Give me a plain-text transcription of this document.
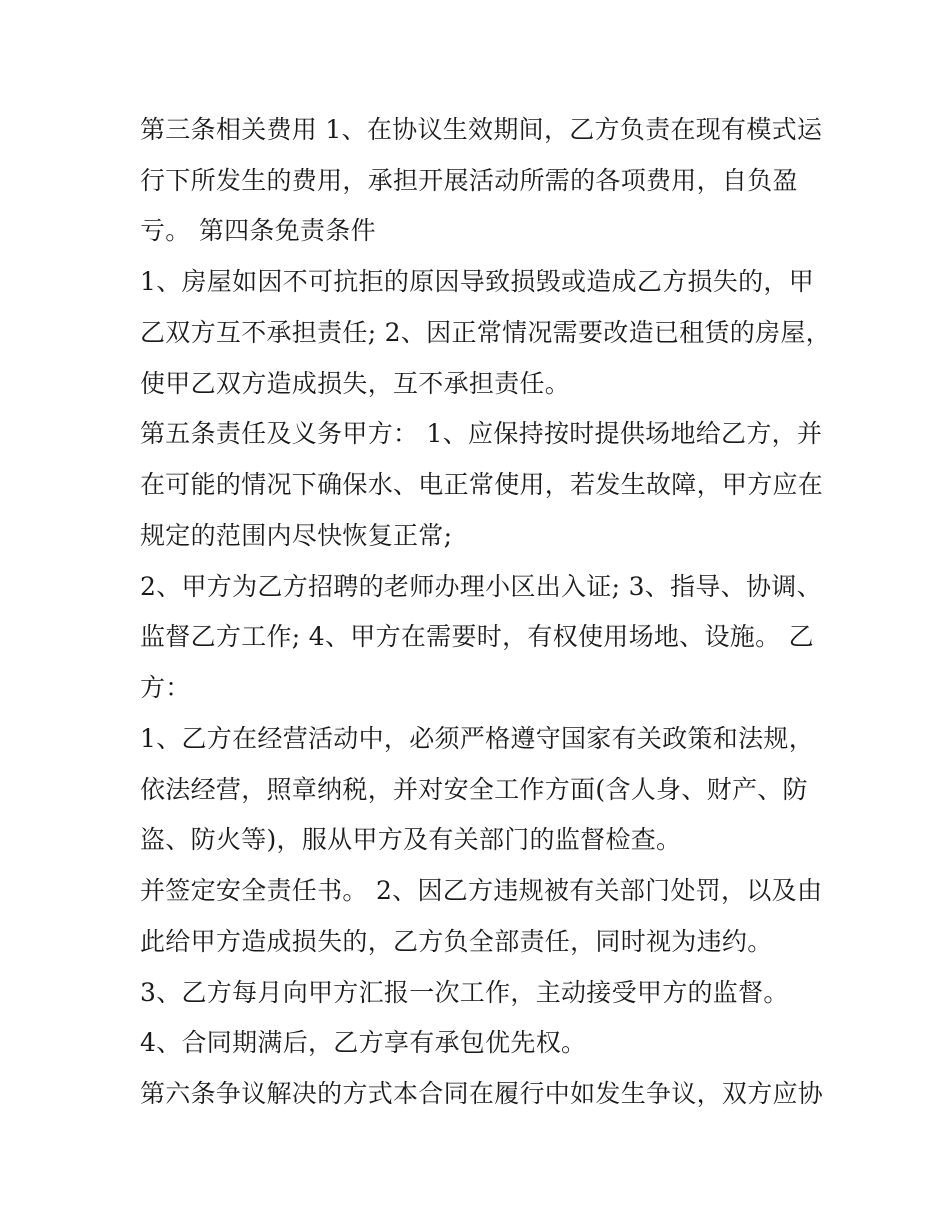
第三条相关费用 1、在协议生效期间，乙方负责在现有模式运
行下所发生的费用，承担开展活动所需的各项费用，自负盈
亏。 第四条免责条件
1、房屋如因不可抗拒的原因导致损毁或造成乙方损失的，甲
乙双方互不承担责任; 2、因正常情况需要改造已租赁的房屋，
使甲乙双方造成损失，互不承担责任。
第五条责任及义务甲方： 1、应保持按时提供场地给乙方，并
在可能的情况下确保水、电正常使用，若发生故障，甲方应在
规定的范围内尽快恢复正常;
2、甲方为乙方招聘的老师办理小区出入证; 3、指导、协调、
监督乙方工作; 4、甲方在需要时，有权使用场地、设施。 乙
方：
1、乙方在经营活动中，必须严格遵守国家有关政策和法规，
依法经营，照章纳税，并对安全工作方面(含人身、财产、防
盗、防火等)，服从甲方及有关部门的监督检查。
并签定安全责任书。 2、因乙方违规被有关部门处罚，以及由
此给甲方造成损失的，乙方负全部责任，同时视为违约。
3、乙方每月向甲方汇报一次工作，主动接受甲方的监督。
4、合同期满后，乙方享有承包优先权。
第六条争议解决的方式本合同在履行中如发生争议，双方应协
